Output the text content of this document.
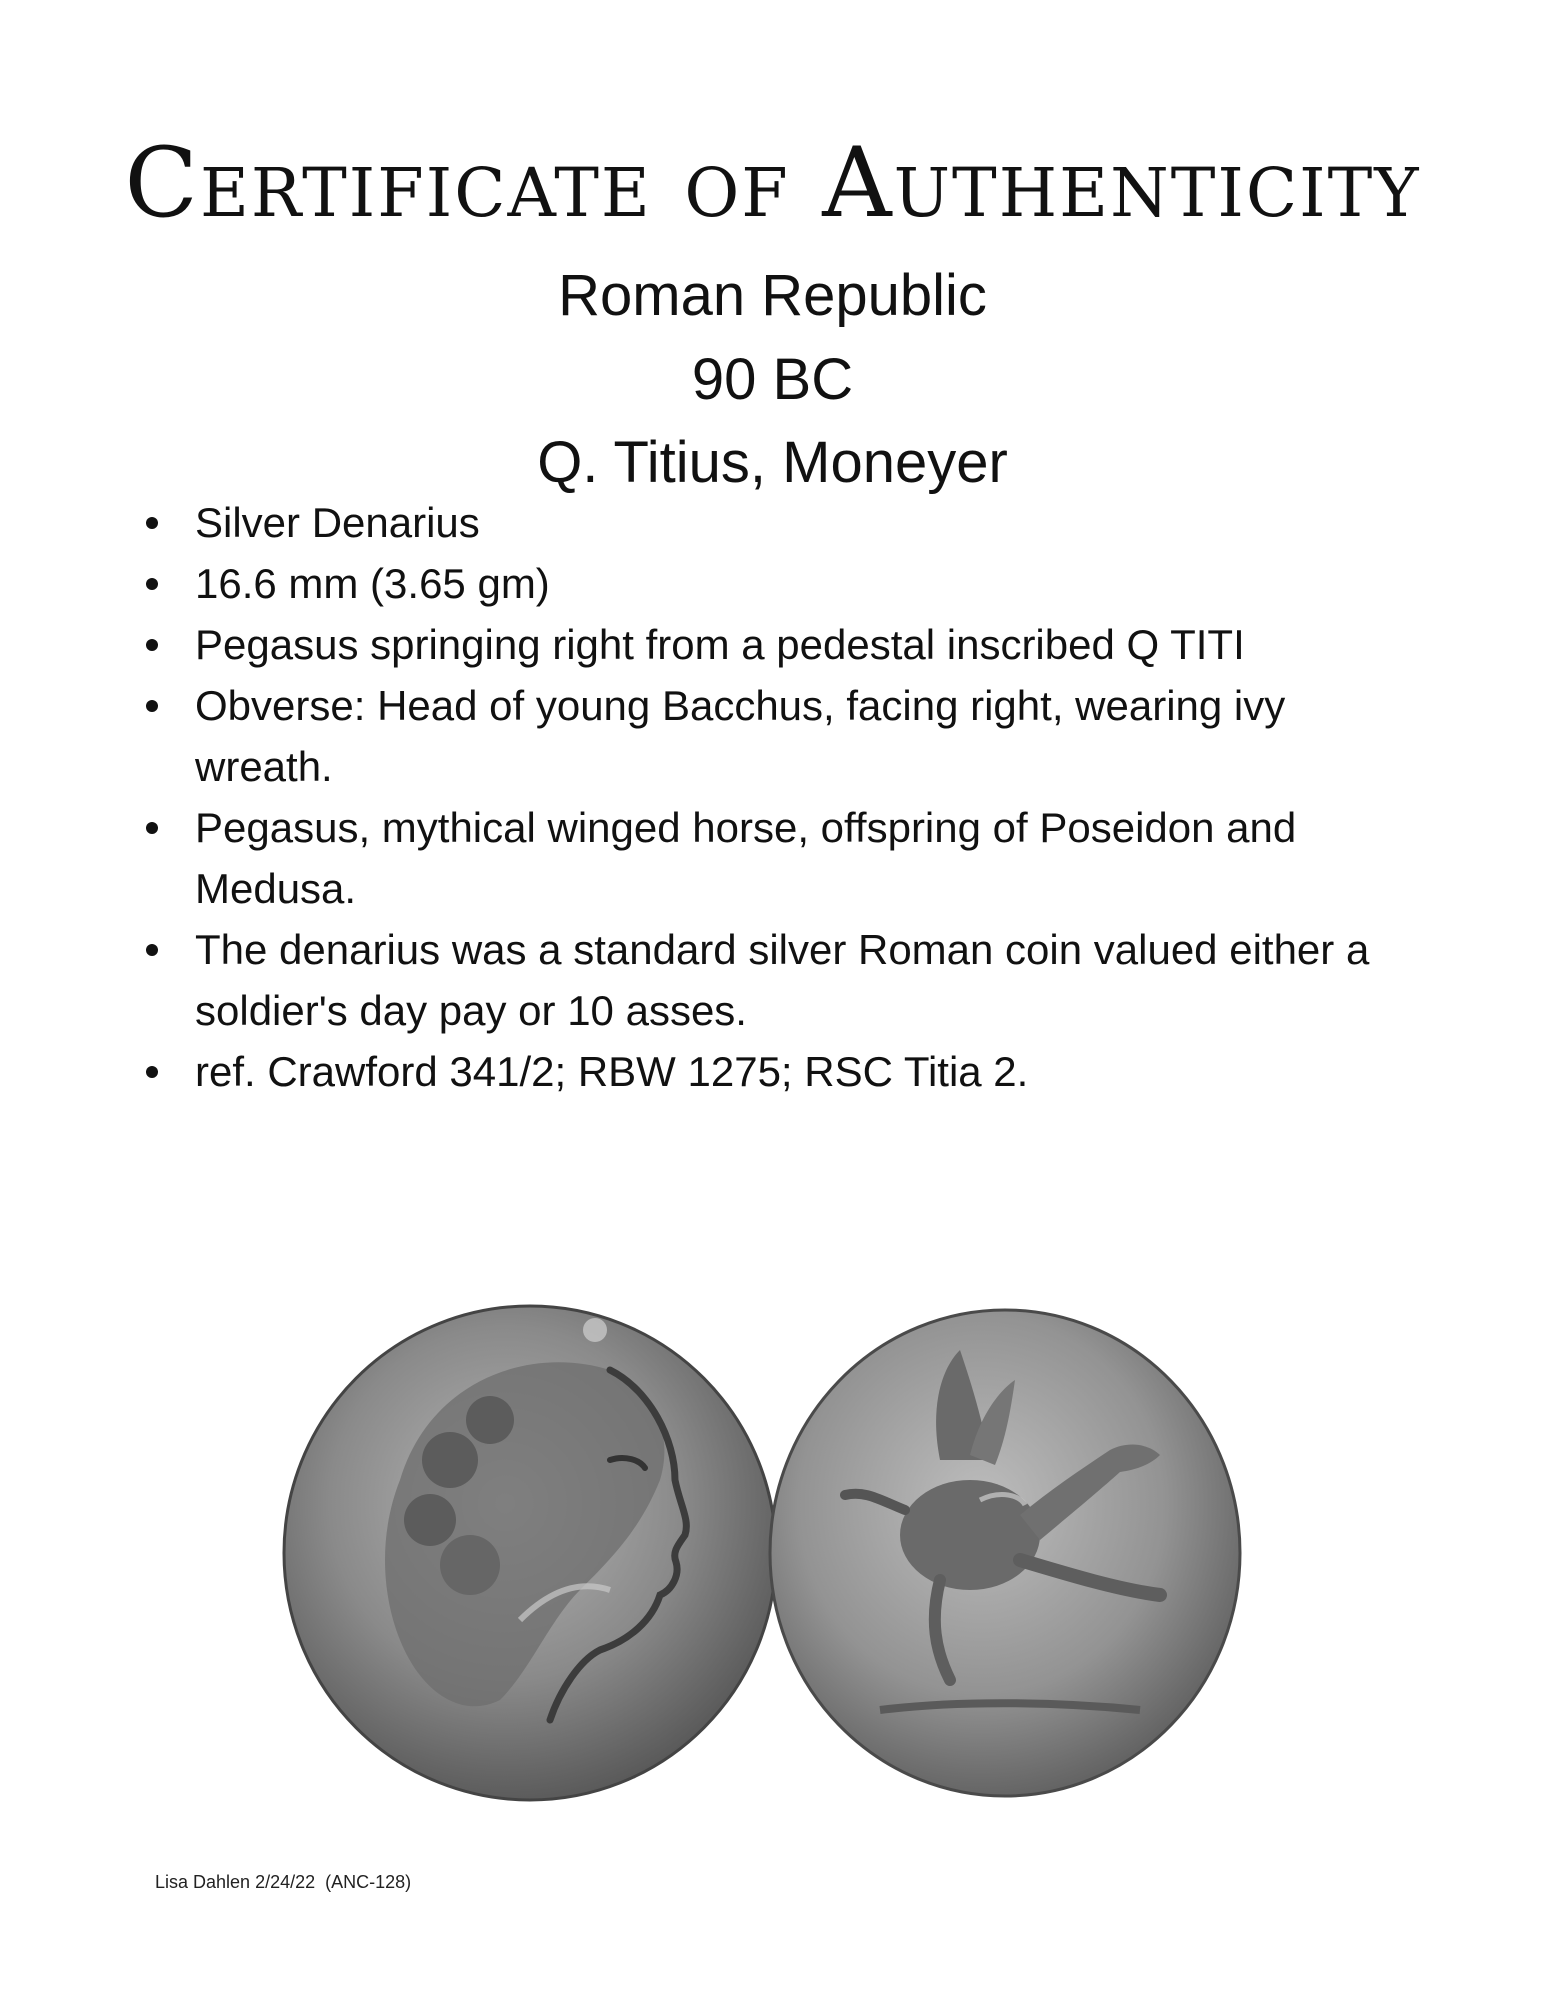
Certificate of Authenticity
Roman Republic
90 BC
Q. Titius, Moneyer
Silver Denarius
16.6 mm (3.65 gm)
Pegasus springing right from a pedestal inscribed Q TITI
Obverse: Head of young Bacchus, facing right, wearing ivy wreath.
Pegasus, mythical winged horse, offspring of Poseidon and Medusa.
The denarius was a standard silver Roman coin valued either a soldier's day pay or 10 asses.
ref. Crawford 341/2; RBW 1275; RSC Titia 2.
Lisa Dahlen 2/24/22  (ANC-128)
